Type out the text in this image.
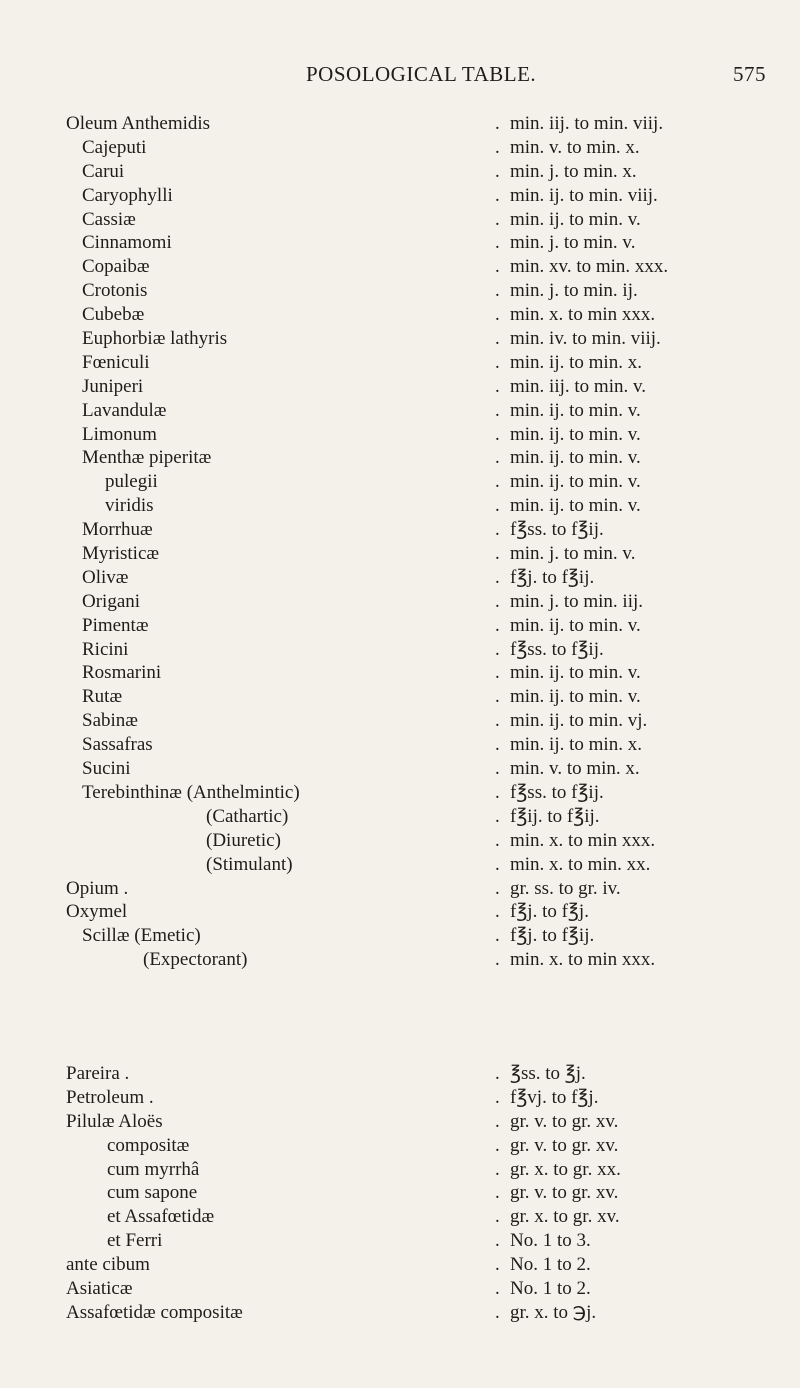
POSOLOGICAL TABLE.	575
Oleum Anthemidis	. min. iij. to min. viij.
Cajeputi	. min. v. to min. x.
Carui	. min. j. to min. x.
Caryophylli	. min. ij. to min. viij.
Cassiæ	. min. ij. to min. v.
Cinnamomi	. min. j. to min. v.
Copaibæ	. min. xv. to min. xxx.
Crotonis	. min. j. to min. ij.
Cubebæ	. min. x. to min xxx.
Euphorbiæ lathyris	. min. iv. to min. viij.
Fœniculi	. min. ij. to min. x.
Juniperi	. min. iij. to min. v.
Lavandulæ	. min. ij. to min. v.
Limonum	. min. ij. to min. v.
Menthæ piperitæ	. min. ij. to min. v.
pulegii	. min. ij. to min. v.
viridis	. min. ij. to min. v.
Morrhuæ	. f℥ss. to f℥ij.
Myristicæ	. min. j. to min. v.
Olivæ	. f℥j. to f℥ij.
Origani	. min. j. to min. iij.
Pimentæ	. min. ij. to min. v.
Ricini	. f℥ss. to f℥ij.
Rosmarini	. min. ij. to min. v.
Rutæ	. min. ij. to min. v.
Sabinæ	. min. ij. to min. vj.
Sassafras	. min. ij. to min. x.
Sucini	. min. v. to min. x.
Terebinthinæ (Anthelmintic)	. f℥ss. to f℥ij.
(Cathartic)	. f℥ij. to f℥ij.
(Diuretic)	. min. x. to min xxx.
(Stimulant)	. min. x. to min. xx.
Opium .	. gr. ss. to gr. iv.
Oxymel	. f℥j. to f℥j.
Scillæ (Emetic)	. f℥j. to f℥ij.
(Expectorant)	. min. x. to min xxx.
Pareira .	. ℥ss. to ℥j.
Petroleum .	. f℥vj. to f℥j.
Pilulæ Aloës	. gr. v. to gr. xv.
compositæ	. gr. v. to gr. xv.
cum myrrhâ	. gr. x. to gr. xx.
cum sapone	. gr. v. to gr. xv.
et Assafœtidæ	. gr. x. to gr. xv.
et Ferri	. No. 1 to 3.
ante cibum	. No. 1 to 2.
Asiaticæ	. No. 1 to 2.
Assafœtidæ compositæ	. gr. x. to ℈j.
